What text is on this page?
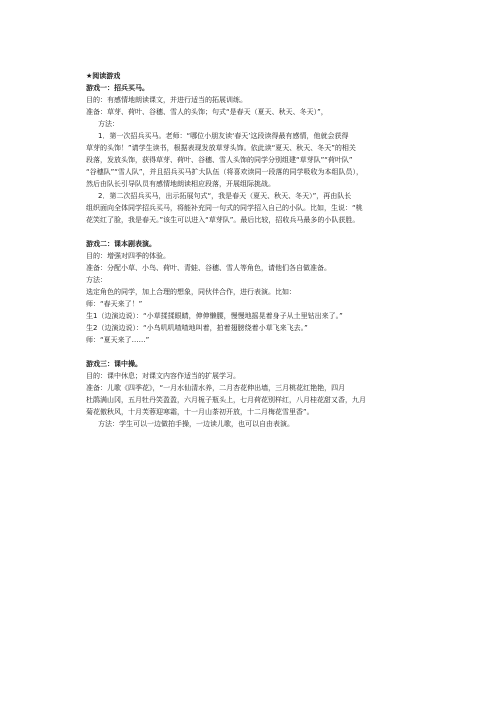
★阅读游戏

游戏一：招兵买马。

目的：有感情地朗读课文，并进行适当的拓展训练。

准备：草芽、荷叶、谷穗、雪人的头饰；句式“是春天（夏天、秋天、冬天）”，

方法：

1．第一次招兵买马。老师：“哪位小朋友读‘春天’这段读得最有感情，他就会获得

草芽的头饰！”请学生读书，根据表现发放草芽头饰。依此读“夏天、秋天、冬天”的相关

段落，发放头饰，获得草芽、荷叶、谷穗、雪人头饰的同学分别组建“草芽队”“荷叶队”

“谷穗队”“雪人队”，并且招兵买马扩大队伍（将喜欢读同一段落的同学吸收为本组队员），

然后由队长引导队员有感情地朗读相应段落，开展组际挑战。

2．第二次招兵买马，出示拓展句式“，我是春天（夏天、秋天、冬天）”，再由队长

组织面向全体同学招兵买马，将能补充同一句式的同学招入自己的小队。比如，生说：“桃

花笑红了脸，我是春天。”该生可以进入“草芽队”。最后比较，招收兵马最多的小队获胜。

游戏二：课本剧表演。

目的：增强对四季的体验。

准备：分配小草、小鸟、荷叶、青蛙、谷穗、雪人等角色，请他们各自做准备。

方法：

选定角色的同学，加上合理的想象，同伙伴合作，进行表演。比如：

师：“春天来了！”

生1（边演边说）：“小草揉揉眼睛，伸伸懒腰，慢慢地摇晃着身子从土里钻出来了。”

生2（边演边说）：“小鸟叽叽喳喳地叫着，拍着翅膀绕着小草飞来飞去。”

师：“夏天来了……”

游戏三：课中操。

目的：课中休息；对课文内容作适当的扩展学习。

准备：儿歌《四季花》，“一月水仙清水养，二月杏花伸出墙，三月桃花红艳艳，四月

杜鹃满山冈，五月牡丹笑盈盈，六月栀子瓶头上，七月荷花别样红，八月桂花甜又香，九月

菊花傲秋风，十月芙蓉迎寒霜，十一月山茶初开放，十二月梅花雪里香”。

方法：学生可以一边做拍手操，一边读儿歌，也可以自由表演。
